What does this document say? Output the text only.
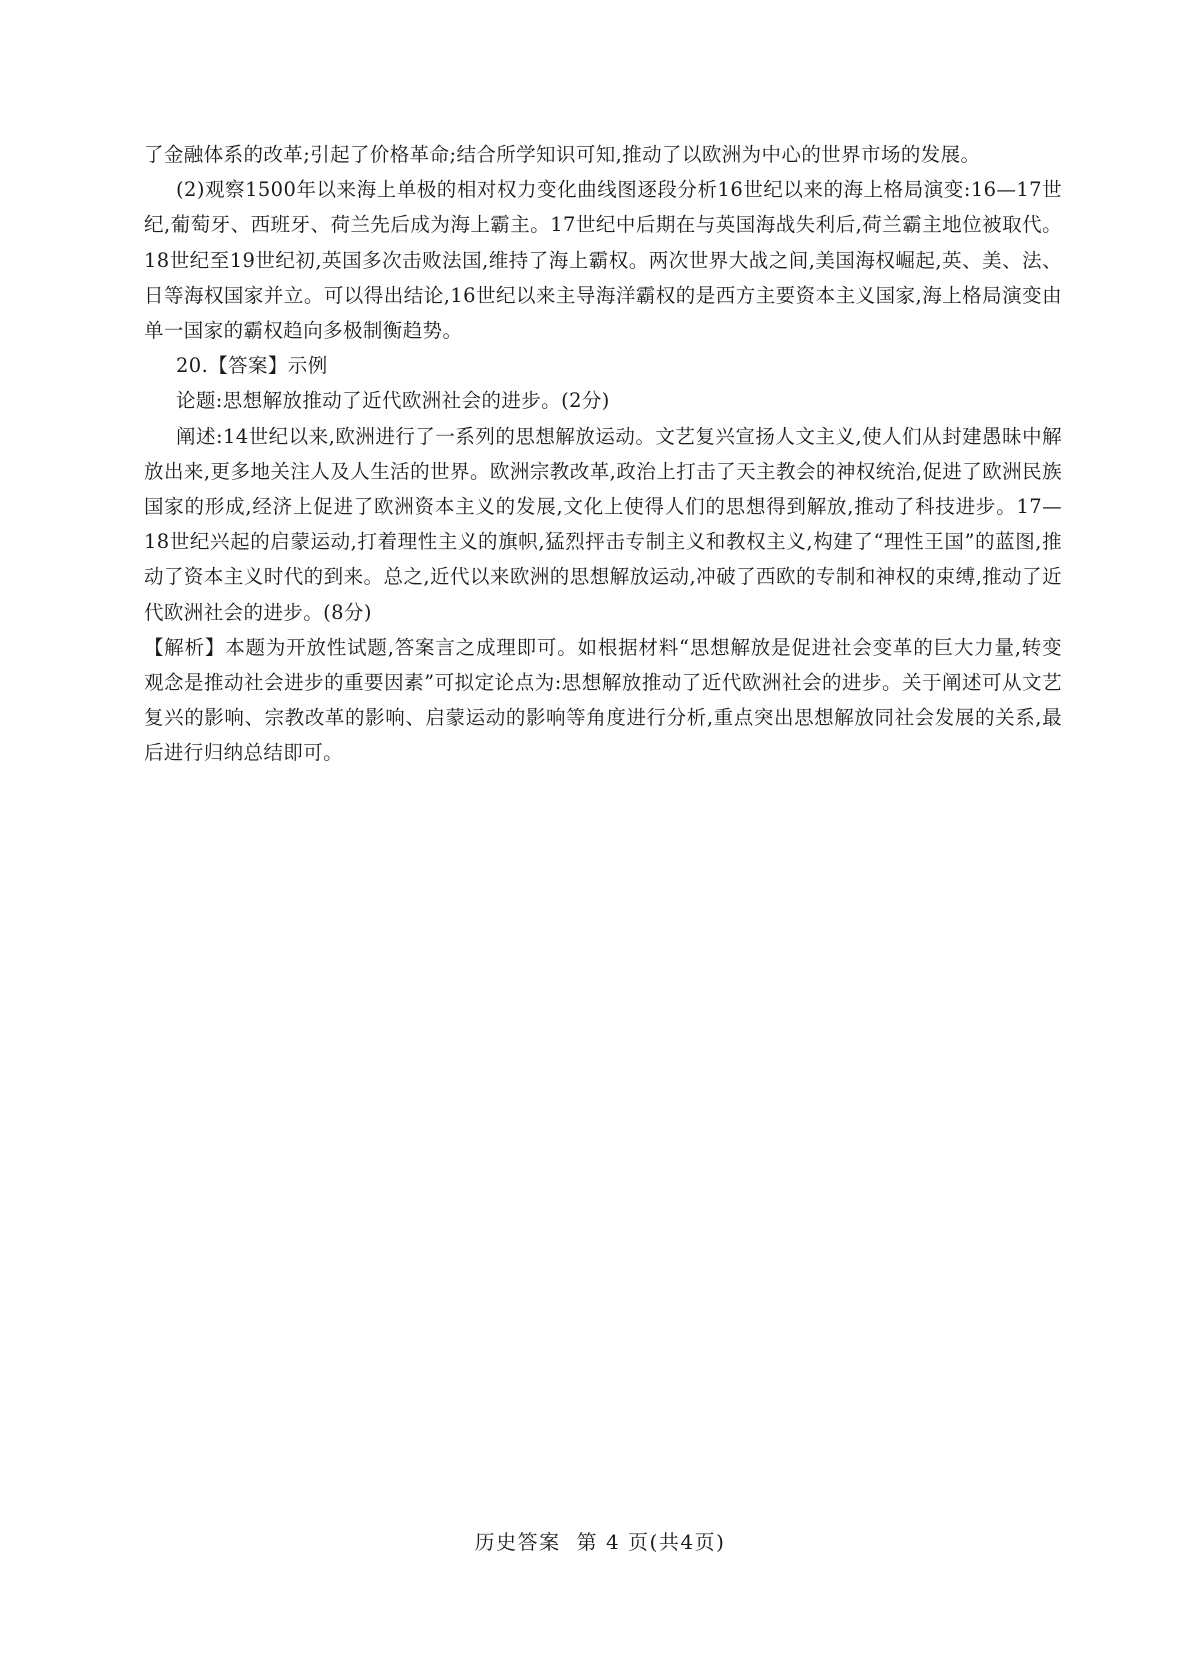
了金融体系的改革;引起了价格革命;结合所学知识可知,推动了以欧洲为中心的世界市场的发展。

(2)观察1500年以来海上单极的相对权力变化曲线图逐段分析16世纪以来的海上格局演变:16—17世纪,葡萄牙、西班牙、荷兰先后成为海上霸主。17世纪中后期在与英国海战失利后,荷兰霸主地位被取代。18世纪至19世纪初,英国多次击败法国,维持了海上霸权。两次世界大战之间,美国海权崛起,英、美、法、日等海权国家并立。可以得出结论,16世纪以来主导海洋霸权的是西方主要资本主义国家,海上格局演变由单一国家的霸权趋向多极制衡趋势。

20.【答案】示例

论题:思想解放推动了近代欧洲社会的进步。(2分)

阐述:14世纪以来,欧洲进行了一系列的思想解放运动。文艺复兴宣扬人文主义,使人们从封建愚昧中解放出来,更多地关注人及人生活的世界。欧洲宗教改革,政治上打击了天主教会的神权统治,促进了欧洲民族国家的形成,经济上促进了欧洲资本主义的发展,文化上使得人们的思想得到解放,推动了科技进步。17—18世纪兴起的启蒙运动,打着理性主义的旗帜,猛烈抨击专制主义和教权主义,构建了“理性王国”的蓝图,推动了资本主义时代的到来。总之,近代以来欧洲的思想解放运动,冲破了西欧的专制和神权的束缚,推动了近代欧洲社会的进步。(8分)

【解析】本题为开放性试题,答案言之成理即可。如根据材料“思想解放是促进社会变革的巨大力量,转变观念是推动社会进步的重要因素”可拟定论点为:思想解放推动了近代欧洲社会的进步。关于阐述可从文艺复兴的影响、宗教改革的影响、启蒙运动的影响等角度进行分析,重点突出思想解放同社会发展的关系,最后进行归纳总结即可。

历史答案 第 4 页(共4页)
